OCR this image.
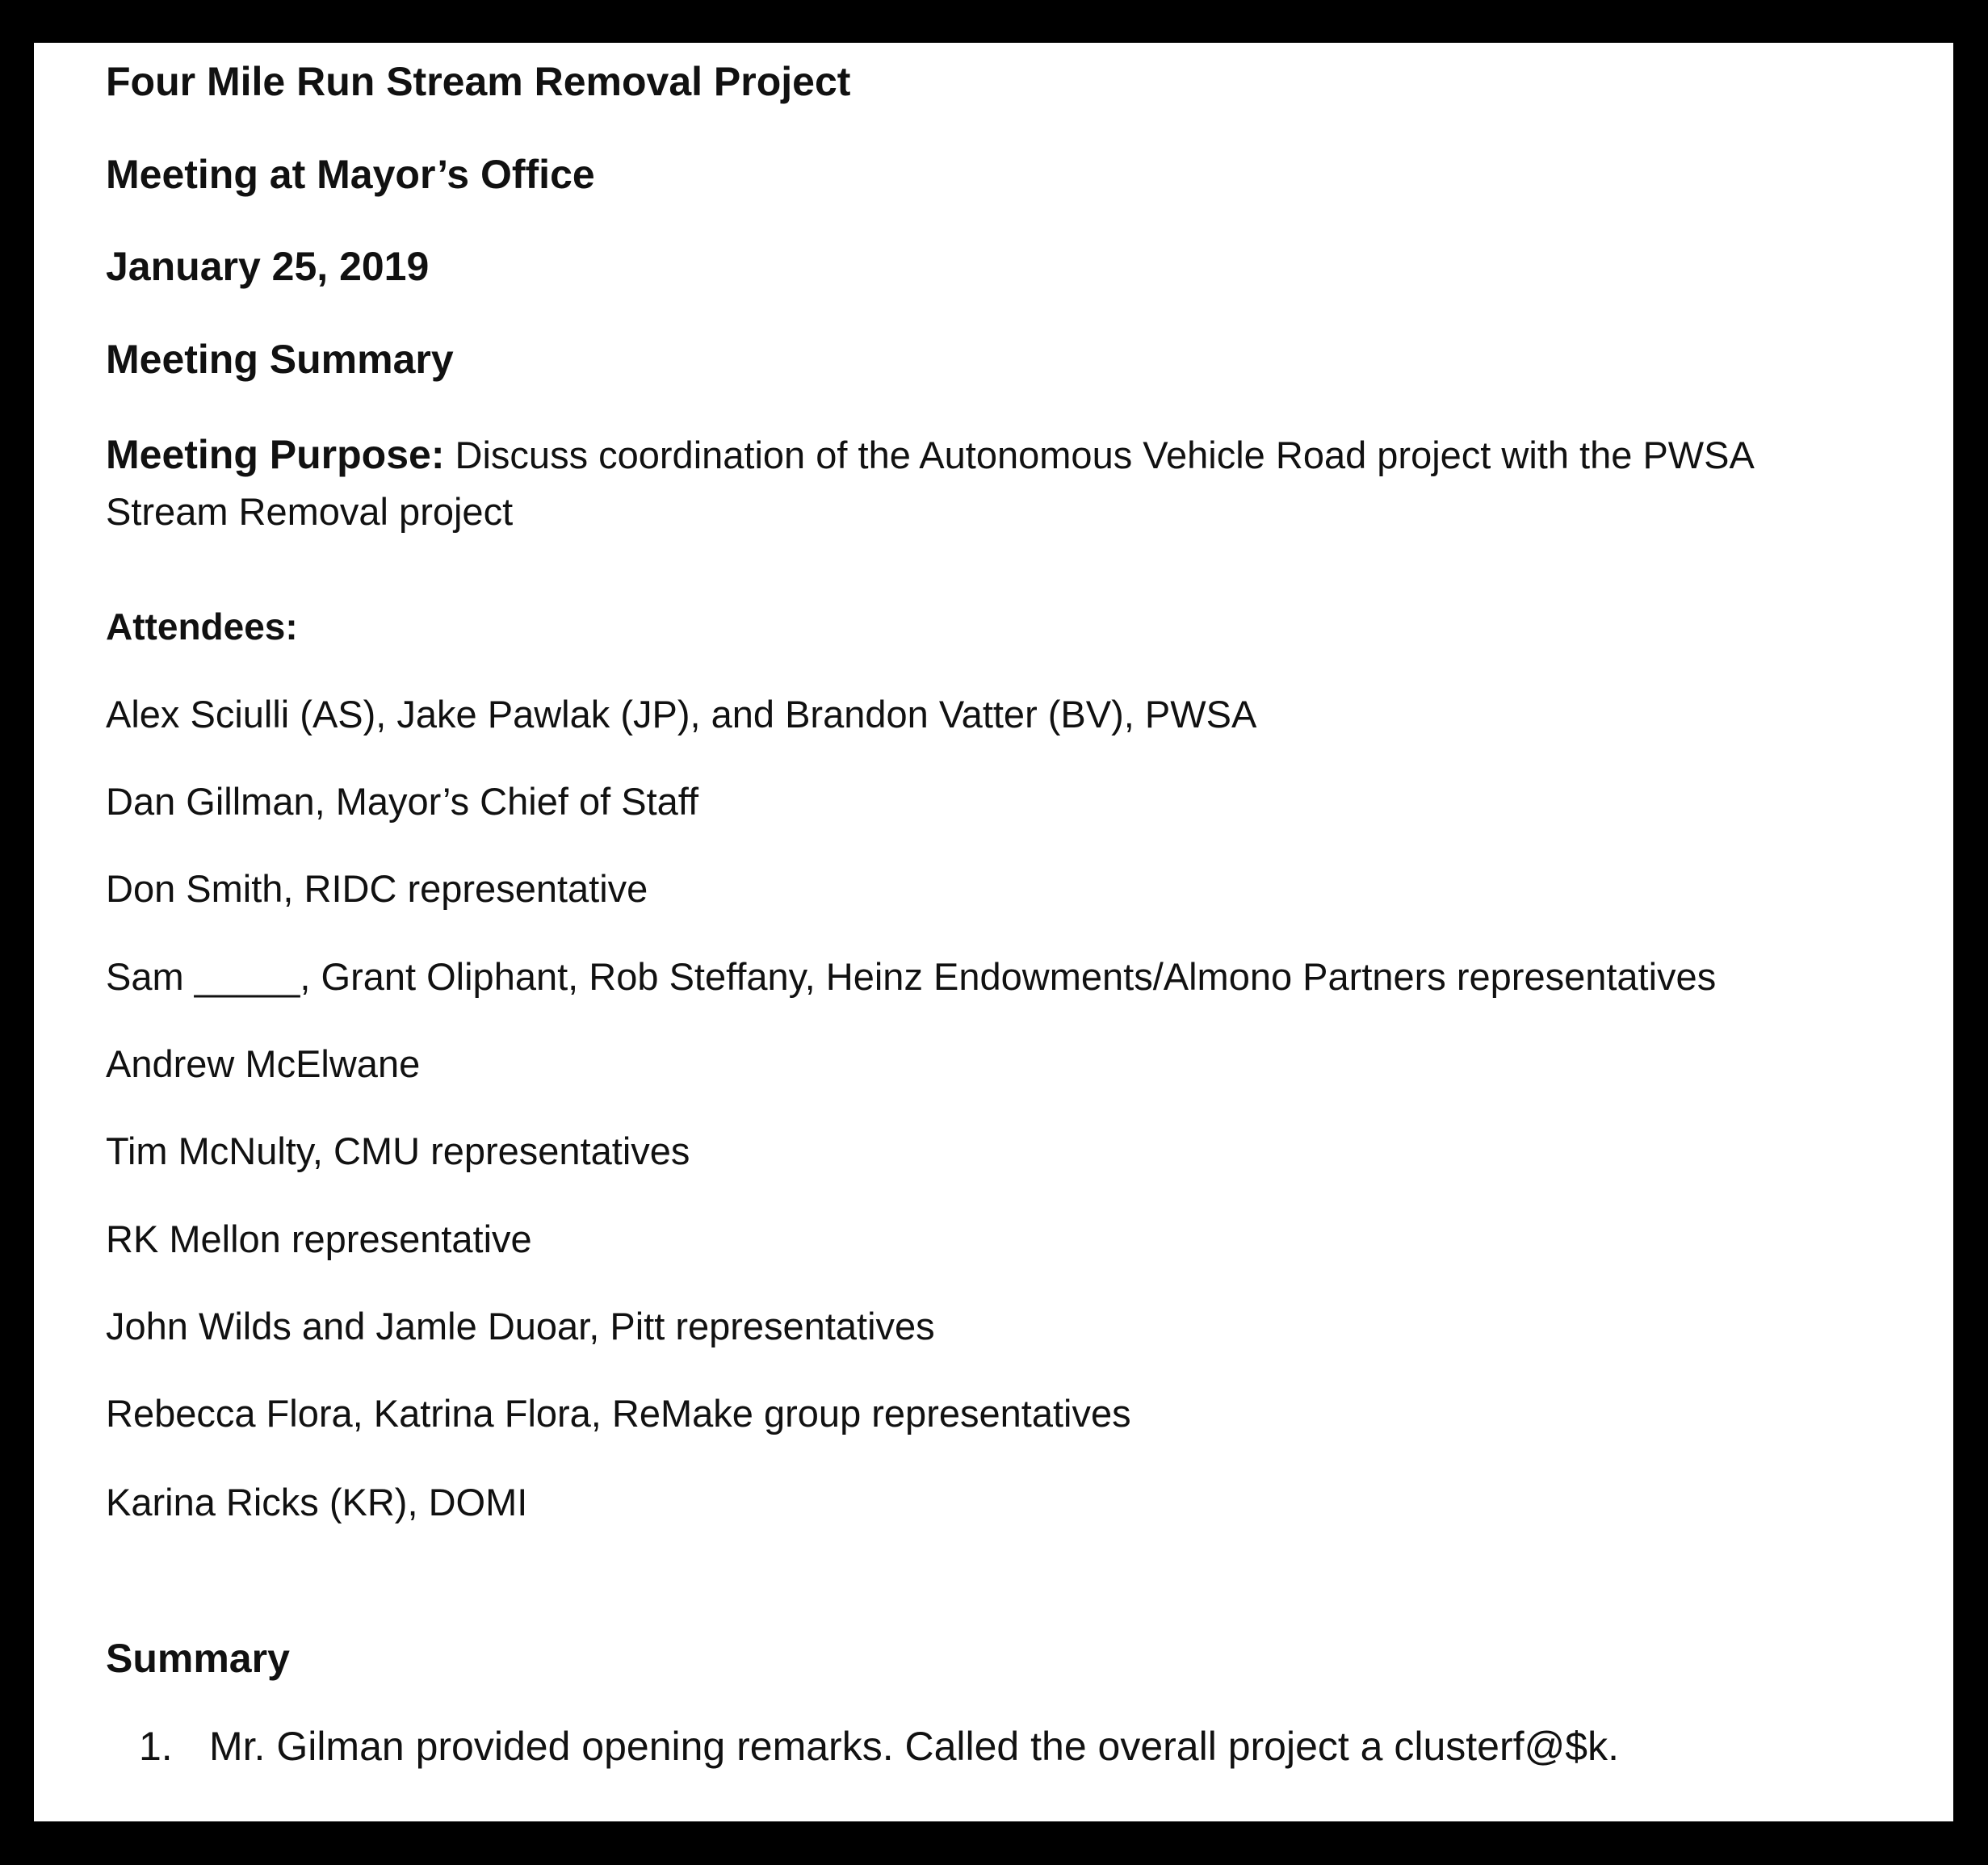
Four Mile Run Stream Removal Project

Meeting at Mayor’s Office

January 25, 2019

Meeting Summary

Meeting Purpose: Discuss coordination of the Autonomous Vehicle Road project with the PWSA Stream Removal project

Attendees:

Alex Sciulli (AS), Jake Pawlak (JP), and Brandon Vatter (BV), PWSA

Dan Gillman, Mayor’s Chief of Staff

Don Smith, RIDC representative

Sam _____, Grant Oliphant, Rob Steffany, Heinz Endowments/Almono Partners representatives

Andrew McElwane

Tim McNulty, CMU representatives

RK Mellon representative

John Wilds and Jamle Duoar, Pitt representatives

Rebecca Flora, Katrina Flora, ReMake group representatives

Karina Ricks (KR), DOMI

Summary

1. Mr. Gilman provided opening remarks. Called the overall project a clusterf@$k.
